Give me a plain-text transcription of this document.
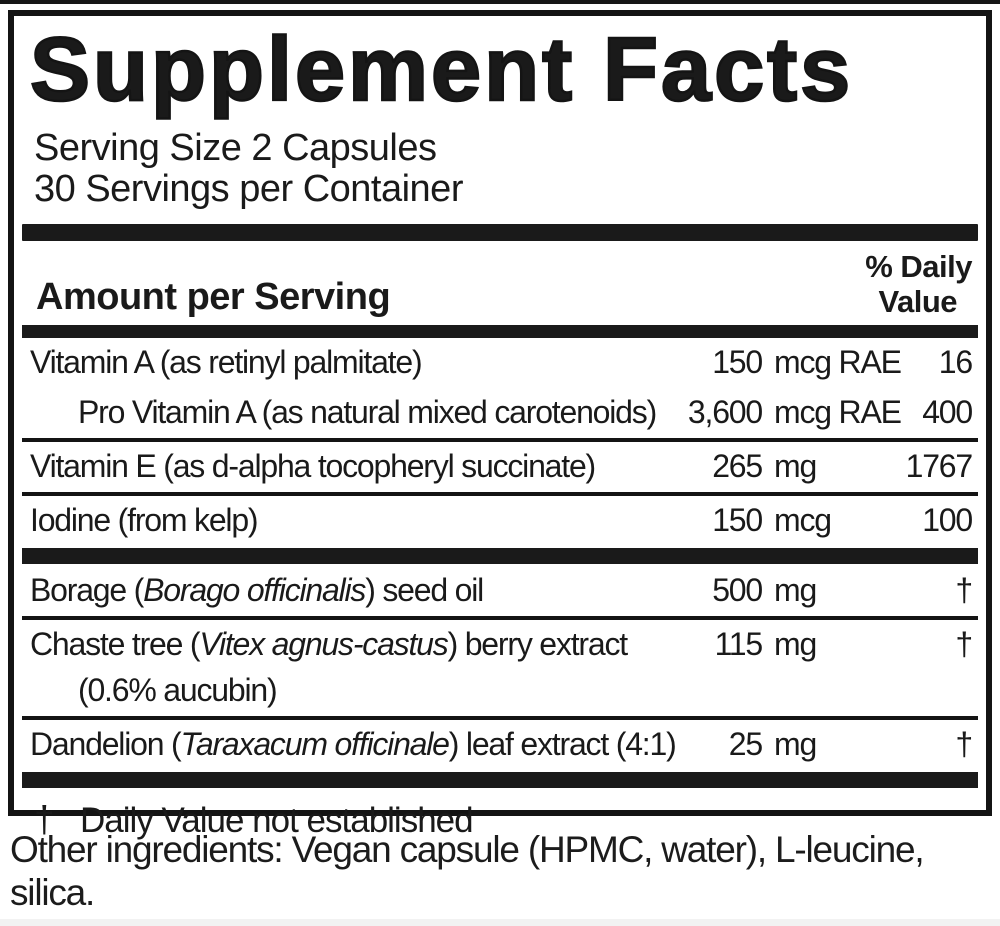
Supplement Facts
Serving Size 2 Capsules
30 Servings per Container
Amount per Serving
% Daily
Value
Vitamin A (as retinyl palmitate)	150 mcg RAE	16
Pro Vitamin A (as natural mixed carotenoids) 3,600 mcg RAE 400
Vitamin E (as d-alpha tocopheryl succinate)	265 mg	1767
Iodine (from kelp)	150 mcg	100
Borage (Borago officinalis) seed oil	500 mg	†
Chaste tree (Vitex agnus-castus) berry extract	115 mg	†
(0.6% aucubin)
Dandelion (Taraxacum officinale) leaf extract (4:1)	25 mg	†
† Daily Value not established
Other ingredients: Vegan capsule (HPMC, water), L-leucine,
silica.
